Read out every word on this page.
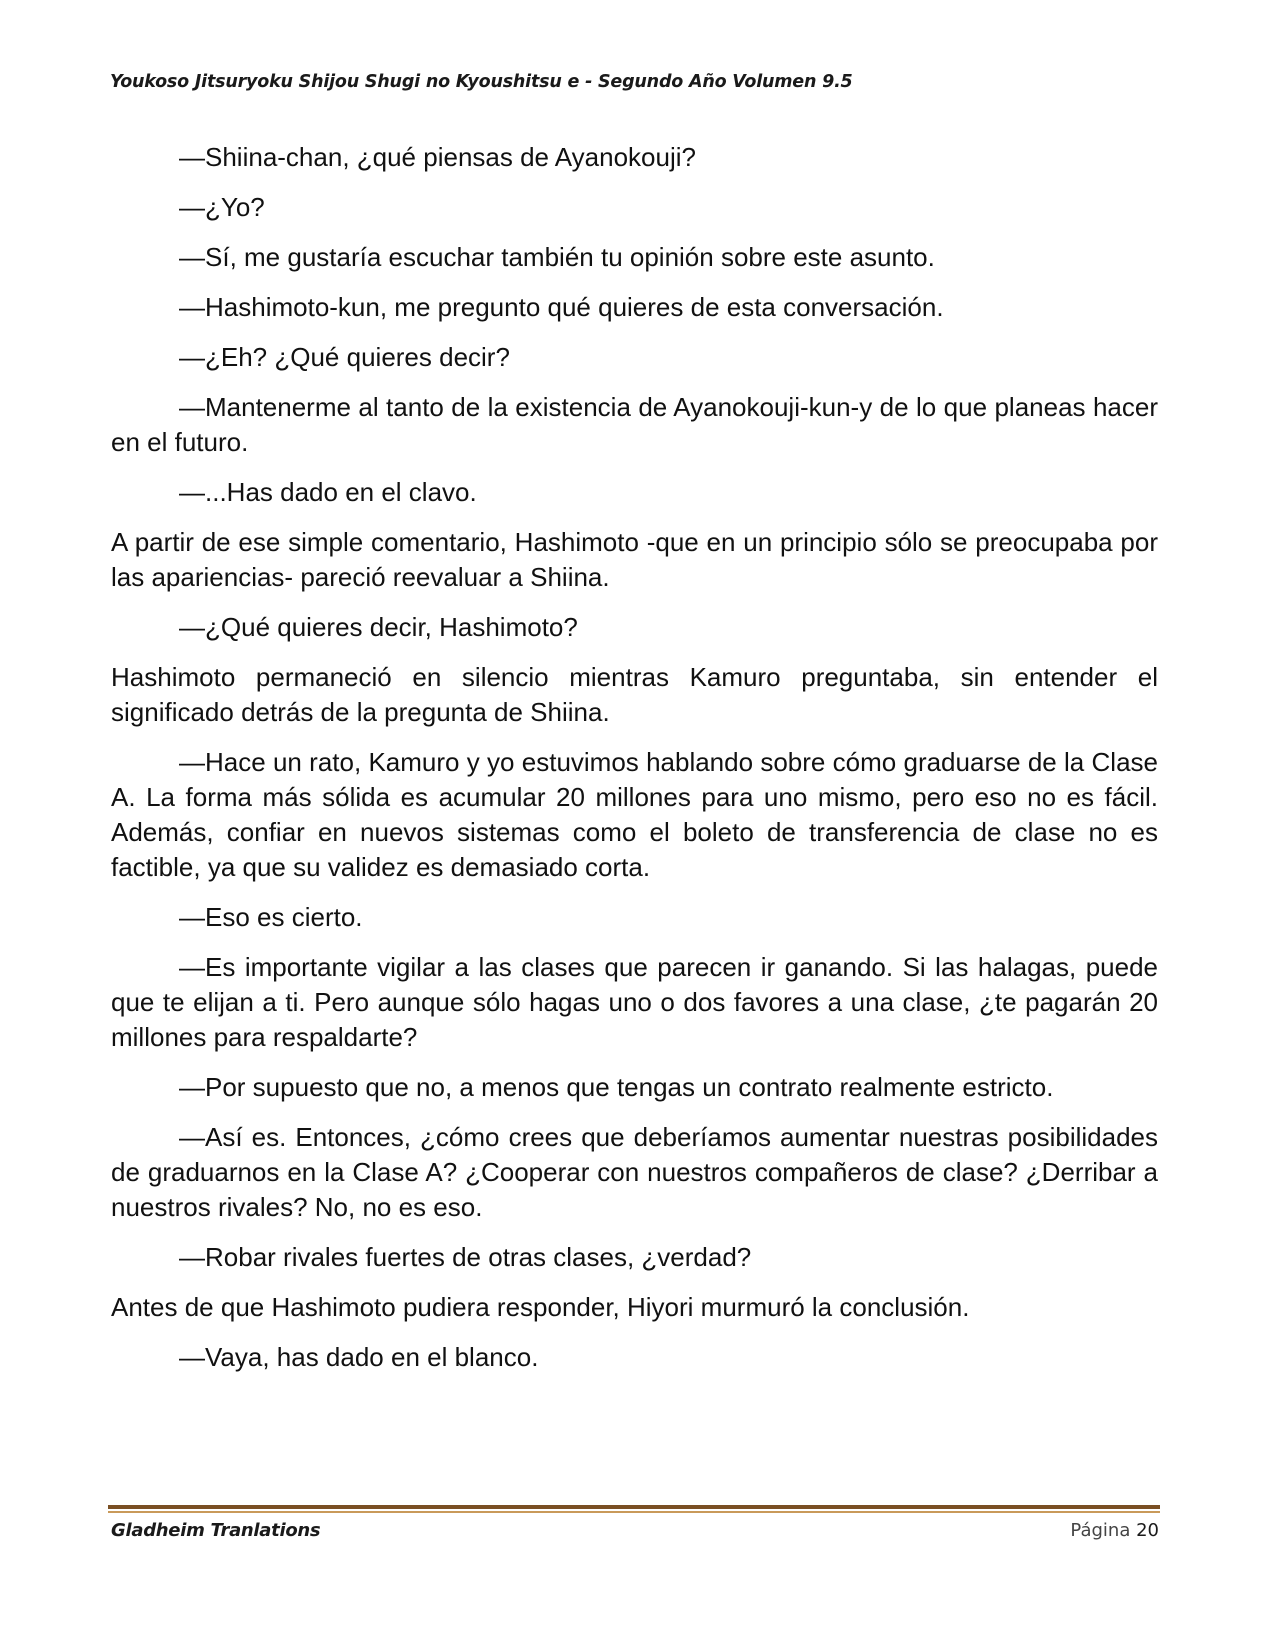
Youkoso Jitsuryoku Shijou Shugi no Kyoushitsu e - Segundo Año Volumen 9.5

—Shiina-chan, ¿qué piensas de Ayanokouji?

—¿Yo?

—Sí, me gustaría escuchar también tu opinión sobre este asunto.

—Hashimoto-kun, me pregunto qué quieres de esta conversación.

—¿Eh? ¿Qué quieres decir?

—Mantenerme al tanto de la existencia de Ayanokouji-kun-y de lo que planeas hacer en el futuro.

—...Has dado en el clavo.

A partir de ese simple comentario, Hashimoto -que en un principio sólo se preocupaba por las apariencias- pareció reevaluar a Shiina.

—¿Qué quieres decir, Hashimoto?

Hashimoto permaneció en silencio mientras Kamuro preguntaba, sin entender el significado detrás de la pregunta de Shiina.

—Hace un rato, Kamuro y yo estuvimos hablando sobre cómo graduarse de la Clase A. La forma más sólida es acumular 20 millones para uno mismo, pero eso no es fácil. Además, confiar en nuevos sistemas como el boleto de transferencia de clase no es factible, ya que su validez es demasiado corta.

—Eso es cierto.

—Es importante vigilar a las clases que parecen ir ganando. Si las halagas, puede que te elijan a ti. Pero aunque sólo hagas uno o dos favores a una clase, ¿te pagarán 20 millones para respaldarte?

—Por supuesto que no, a menos que tengas un contrato realmente estricto.

—Así es. Entonces, ¿cómo crees que deberíamos aumentar nuestras posibilidades de graduarnos en la Clase A? ¿Cooperar con nuestros compañeros de clase? ¿Derribar a nuestros rivales? No, no es eso.

—Robar rivales fuertes de otras clases, ¿verdad?

Antes de que Hashimoto pudiera responder, Hiyori murmuró la conclusión.

—Vaya, has dado en el blanco.

Gladheim Tranlations	Página 20
